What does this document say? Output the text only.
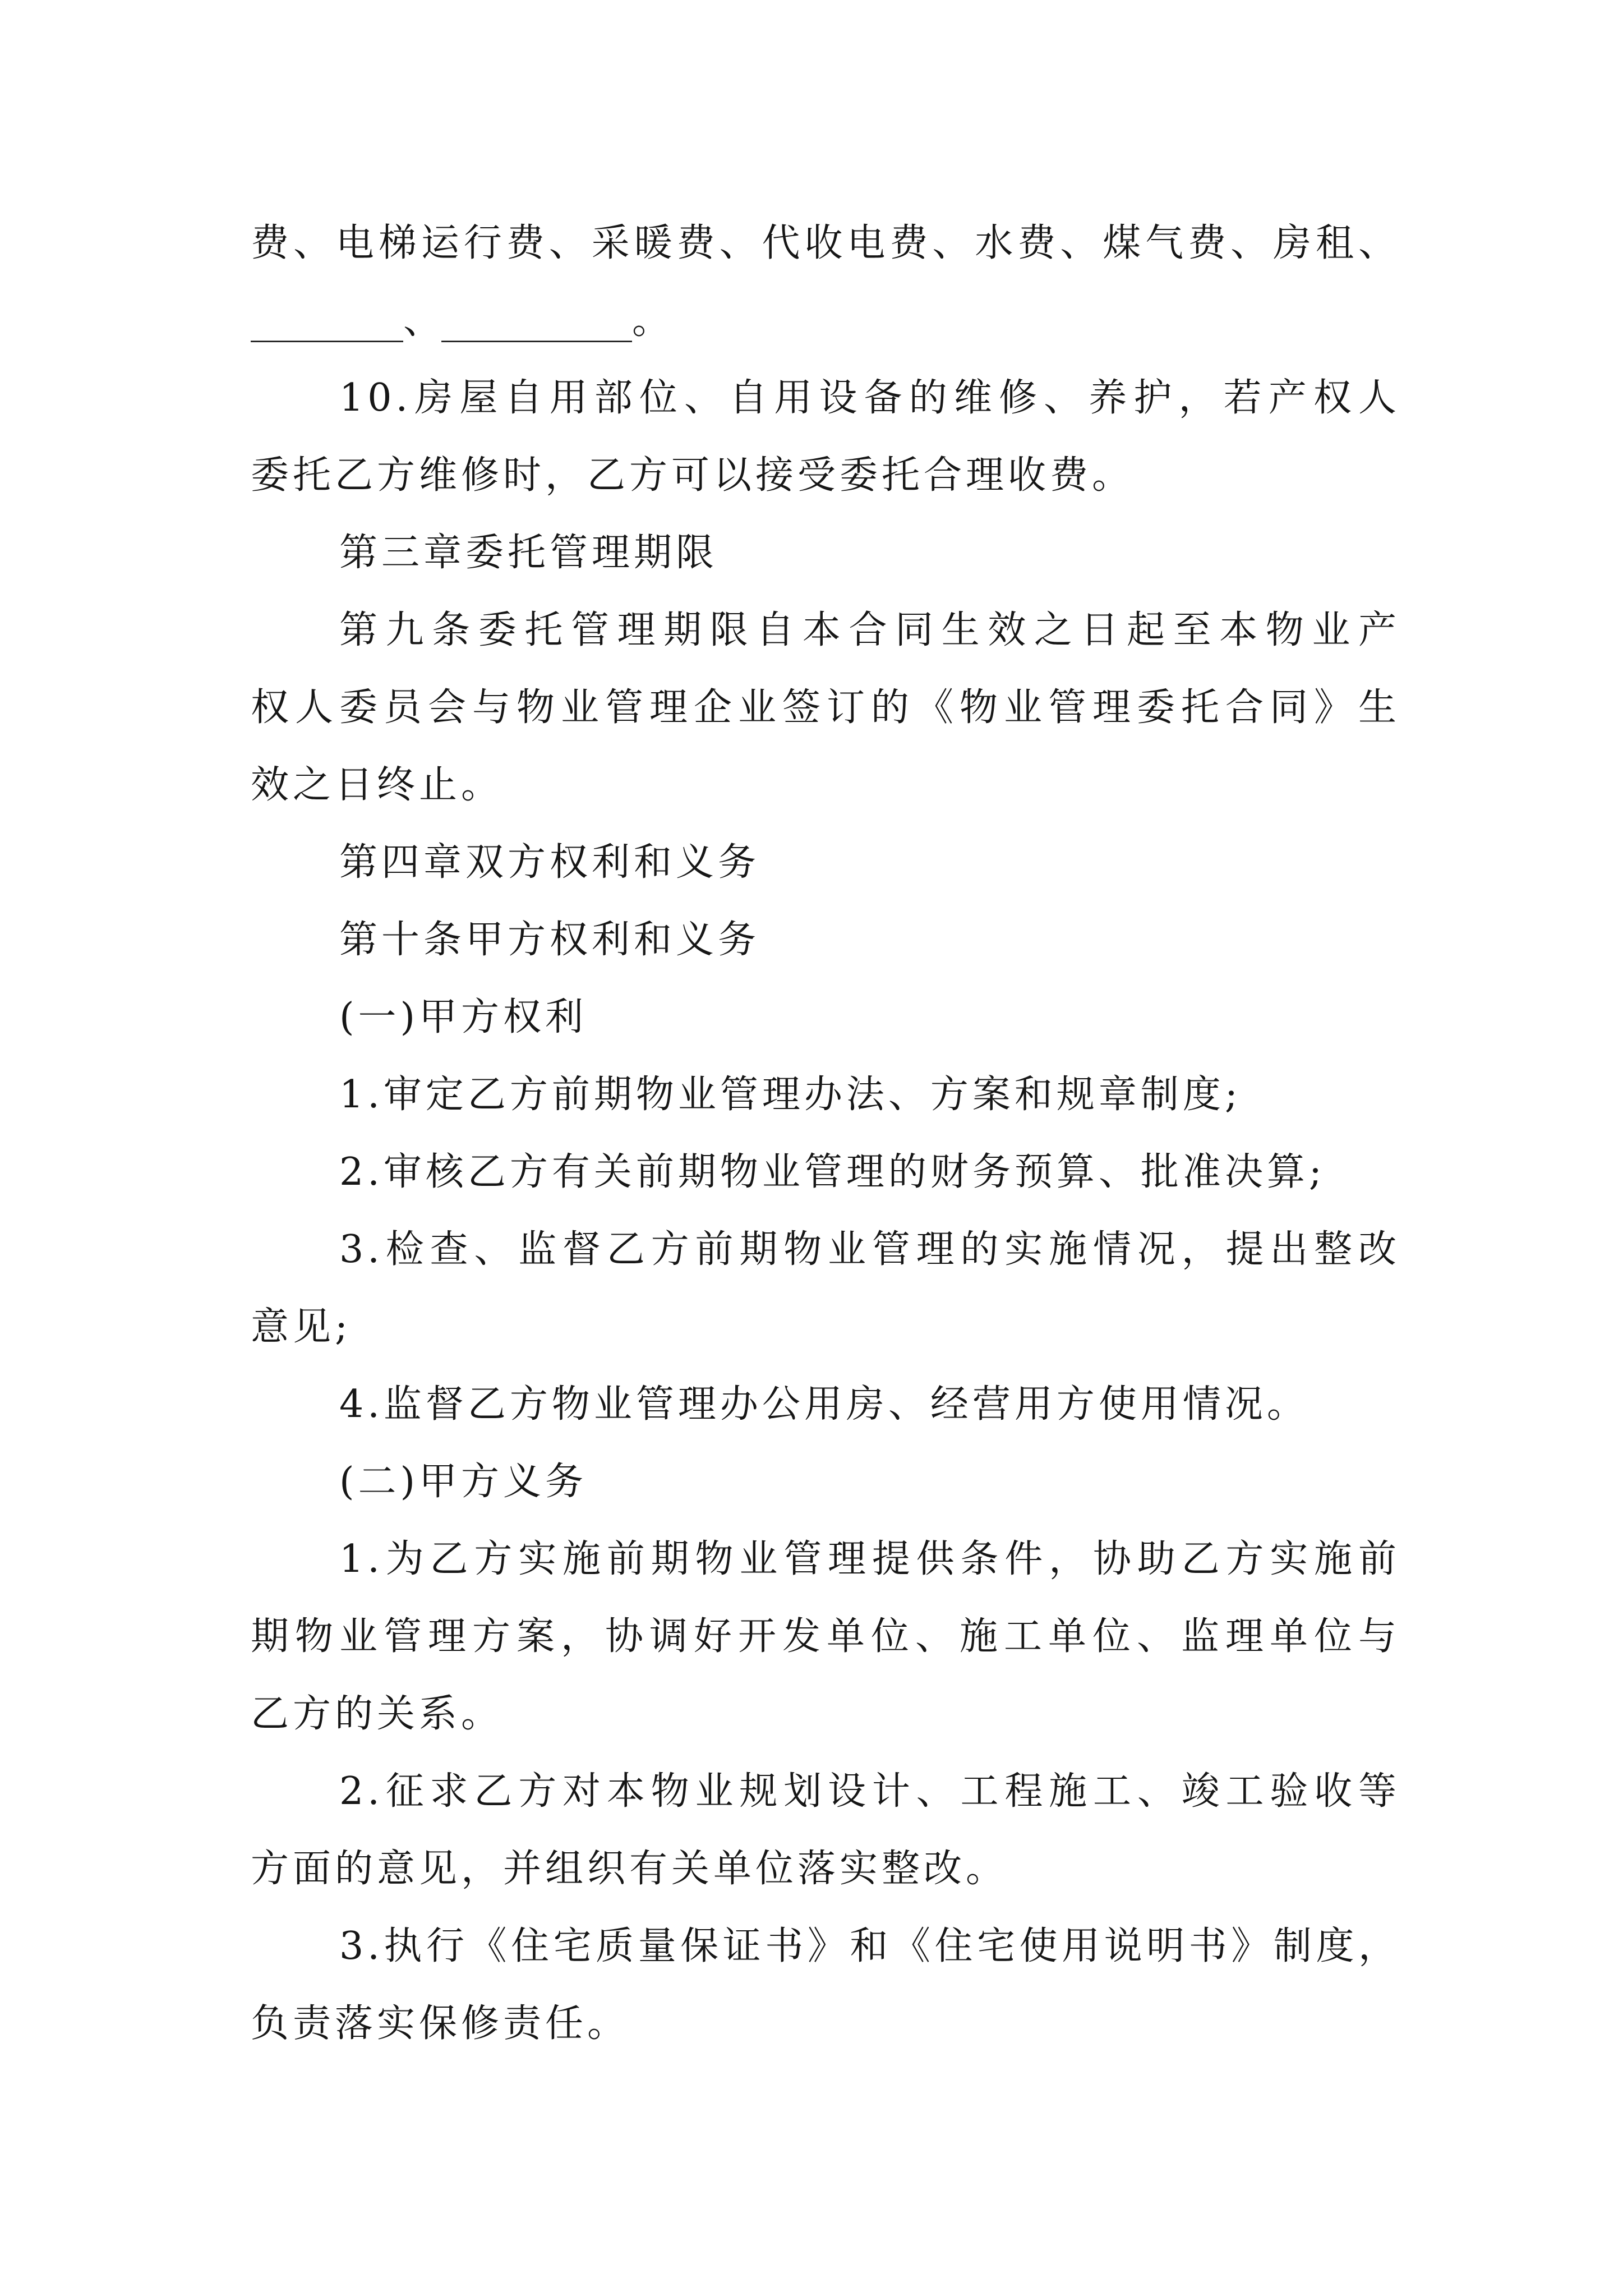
费、电梯运行费、采暖费、代收电费、水费、煤气费、房租、
________、__________。
10.房屋自用部位、自用设备的维修、养护，若产权人
委托乙方维修时，乙方可以接受委托合理收费。
第三章委托管理期限
第九条委托管理期限自本合同生效之日起至本物业产
权人委员会与物业管理企业签订的《物业管理委托合同》生
效之日终止。
第四章双方权利和义务
第十条甲方权利和义务
(一)甲方权利
1.审定乙方前期物业管理办法、方案和规章制度;
2.审核乙方有关前期物业管理的财务预算、批准决算;
3.检查、监督乙方前期物业管理的实施情况，提出整改
意见;
4.监督乙方物业管理办公用房、经营用方使用情况。
(二)甲方义务
1.为乙方实施前期物业管理提供条件，协助乙方实施前
期物业管理方案，协调好开发单位、施工单位、监理单位与
乙方的关系。
2.征求乙方对本物业规划设计、工程施工、竣工验收等
方面的意见，并组织有关单位落实整改。
3.执行《住宅质量保证书》和《住宅使用说明书》制度，
负责落实保修责任。
